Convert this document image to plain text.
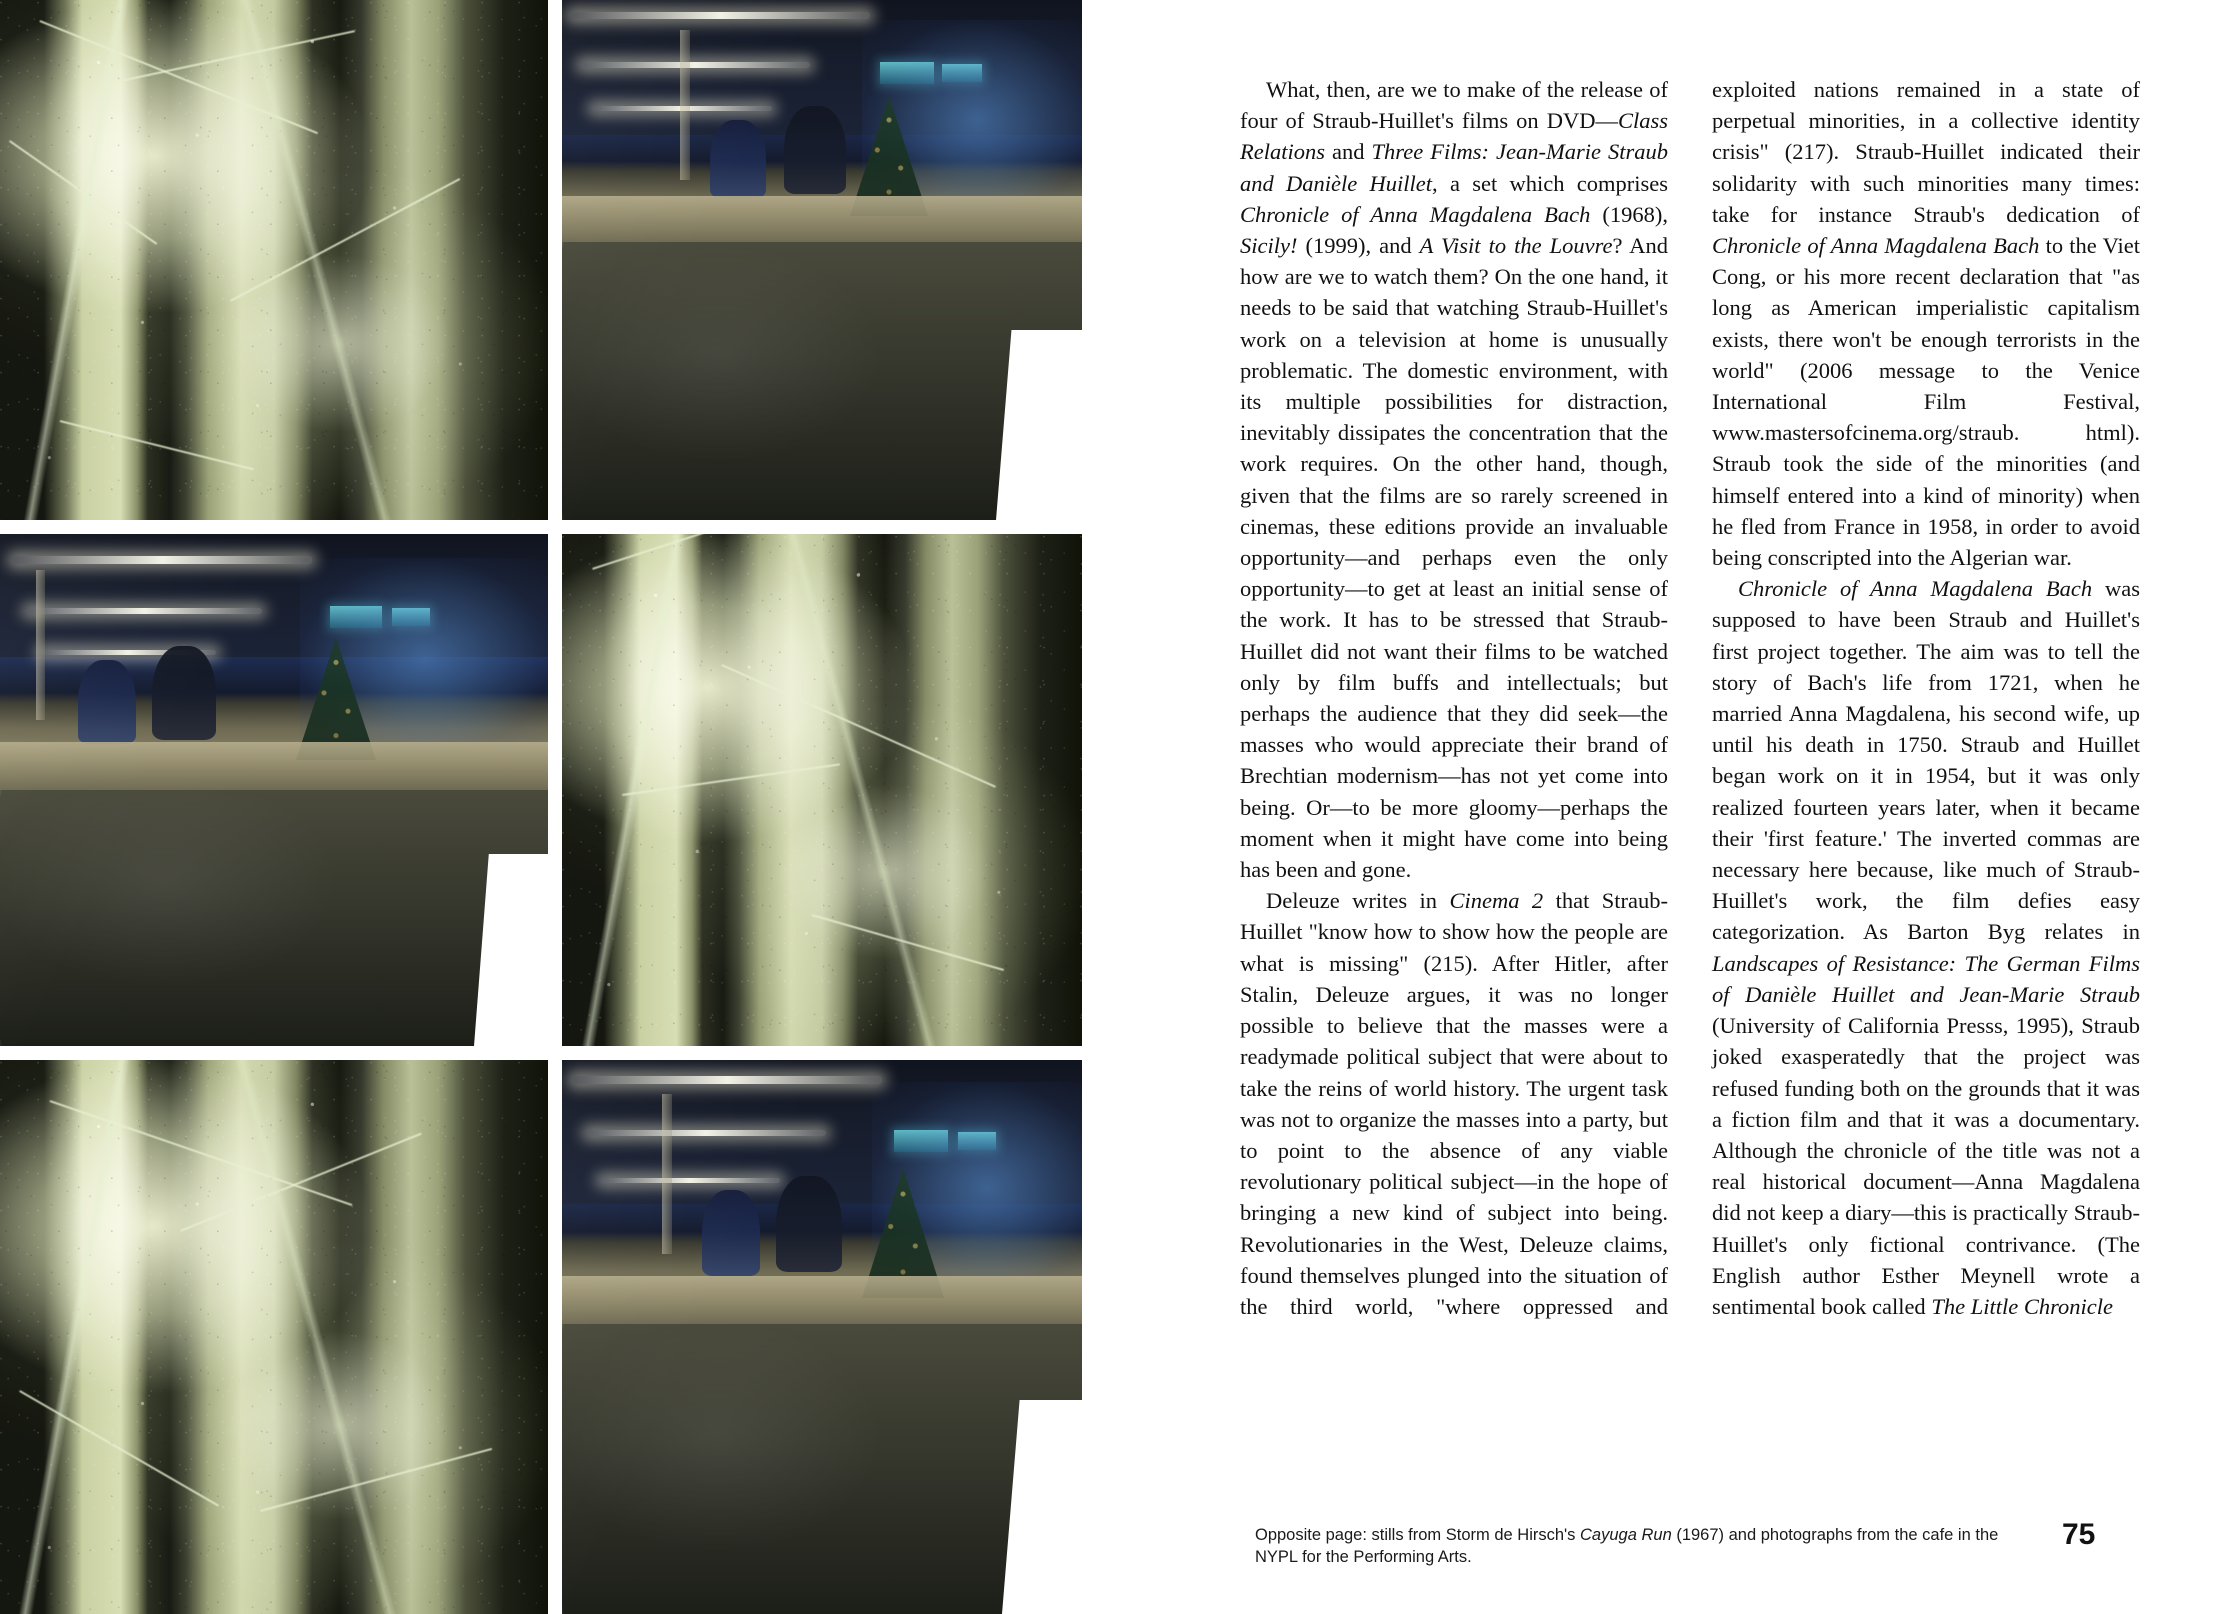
What, then, are we to make of the release of four of Straub-Huillet's films on DVD—Class Relations and Three Films: Jean-Marie Straub and Danièle Huillet, a set which comprises Chronicle of Anna Magdalena Bach (1968), Sicily! (1999), and A Visit to the Louvre? And how are we to watch them? On the one hand, it needs to be said that watching Straub-Huillet's work on a television at home is unusually problematic. The domestic environment, with its multiple possibilities for distraction, inevitably dissipates the concentration that the work requires. On the other hand, though, given that the films are so rarely screened in cinemas, these editions provide an invaluable opportunity—and perhaps even the only opportunity—to get at least an initial sense of the work. It has to be stressed that Straub-Huillet did not want their films to be watched only by film buffs and intellectuals; but perhaps the audience that they did seek—the masses who would appreciate their brand of Brechtian modernism—has not yet come into being. Or—to be more gloomy—perhaps the moment when it might have come into being has been and gone.

Deleuze writes in Cinema 2 that Straub-Huillet "know how to show how the people are what is missing" (215). After Hitler, after Stalin, Deleuze argues, it was no longer possible to believe that the masses were a readymade political subject that were about to take the reins of world history. The urgent task was not to organize the masses into a party, but to point to the absence of any viable revolutionary political subject—in the hope of bringing a new kind of subject into being. Revolutionaries in the West, Deleuze claims, found themselves plunged into the situation of the third world, "where oppressed and exploited nations remained in a state of perpetual minorities, in a collective identity crisis" (217). Straub-Huillet indicated their solidarity with such minorities many times: take for instance Straub's dedication of Chronicle of Anna Magdalena Bach to the Viet Cong, or his more recent declaration that "as long as American imperialistic capitalism exists, there won't be enough terrorists in the world" (2006 message to the Venice International Film Festival, www.mastersofcinema.org/straub. html). Straub took the side of the minorities (and himself entered into a kind of minority) when he fled from France in 1958, in order to avoid being conscripted into the Algerian war.

Chronicle of Anna Magdalena Bach was supposed to have been Straub and Huillet's first project together. The aim was to tell the story of Bach's life from 1721, when he married Anna Magdalena, his second wife, up until his death in 1750. Straub and Huillet began work on it in 1954, but it was only realized fourteen years later, when it became their 'first feature.' The inverted commas are necessary here because, like much of Straub-Huillet's work, the film defies easy categorization. As Barton Byg relates in Landscapes of Resistance: The German Films of Danièle Huillet and Jean-Marie Straub (University of California Presss, 1995), Straub joked exasperatedly that the project was refused funding both on the grounds that it was a fiction film and that it was a documentary. Although the chronicle of the title was not a real historical document—Anna Magdalena did not keep a diary—this is practically Straub-Huillet's only fictional contrivance. (The English author Esther Meynell wrote a sentimental book called The Little Chronicle

Opposite page: stills from Storm de Hirsch's Cayuga Run (1967) and photographs from the cafe in the NYPL for the Performing Arts.
75
